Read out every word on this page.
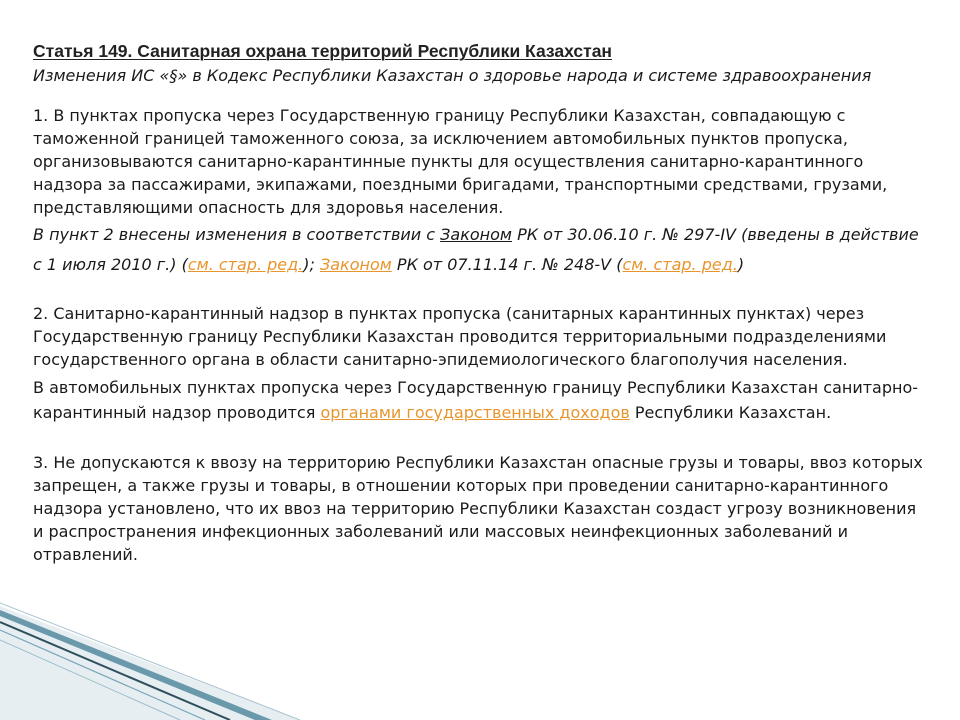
Статья 149. Санитарная охрана территорий Республики Казахстан
Изменения ИС «§» в Кодекс Республики Казахстан о здоровье народа и системе здравоохранения
1. В пунктах пропуска через Государственную границу Республики Казахстан, совпадающую с таможенной границей таможенного союза, за исключением автомобильных пунктов пропуска, организовываются санитарно-карантинные пункты для осуществления санитарно-карантинного надзора за пассажирами, экипажами, поездными бригадами, транспортными средствами, грузами, представляющими опасность для здоровья населения.
В пункт 2 внесены изменения в соответствии с Законом РК от 30.06.10 г. № 297-IV (введены в действие с 1 июля 2010 г.) (см. стар. ред.); Законом РК от 07.11.14 г. № 248-V (см. стар. ред.)
2. Санитарно-карантинный надзор в пунктах пропуска (санитарных карантинных пунктах) через Государственную границу Республики Казахстан проводится территориальными подразделениями государственного органа в области санитарно-эпидемиологического благополучия населения.
В автомобильных пунктах пропуска через Государственную границу Республики Казахстан санитарно-карантинный надзор проводится органами государственных доходов Республики Казахстан.
3. Не допускаются к ввозу на территорию Республики Казахстан опасные грузы и товары, ввоз которых запрещен, а также грузы и товары, в отношении которых при проведении санитарно-карантинного надзора установлено, что их ввоз на территорию Республики Казахстан создаст угрозу возникновения и распространения инфекционных заболеваний или массовых неинфекционных заболеваний и отравлений.
